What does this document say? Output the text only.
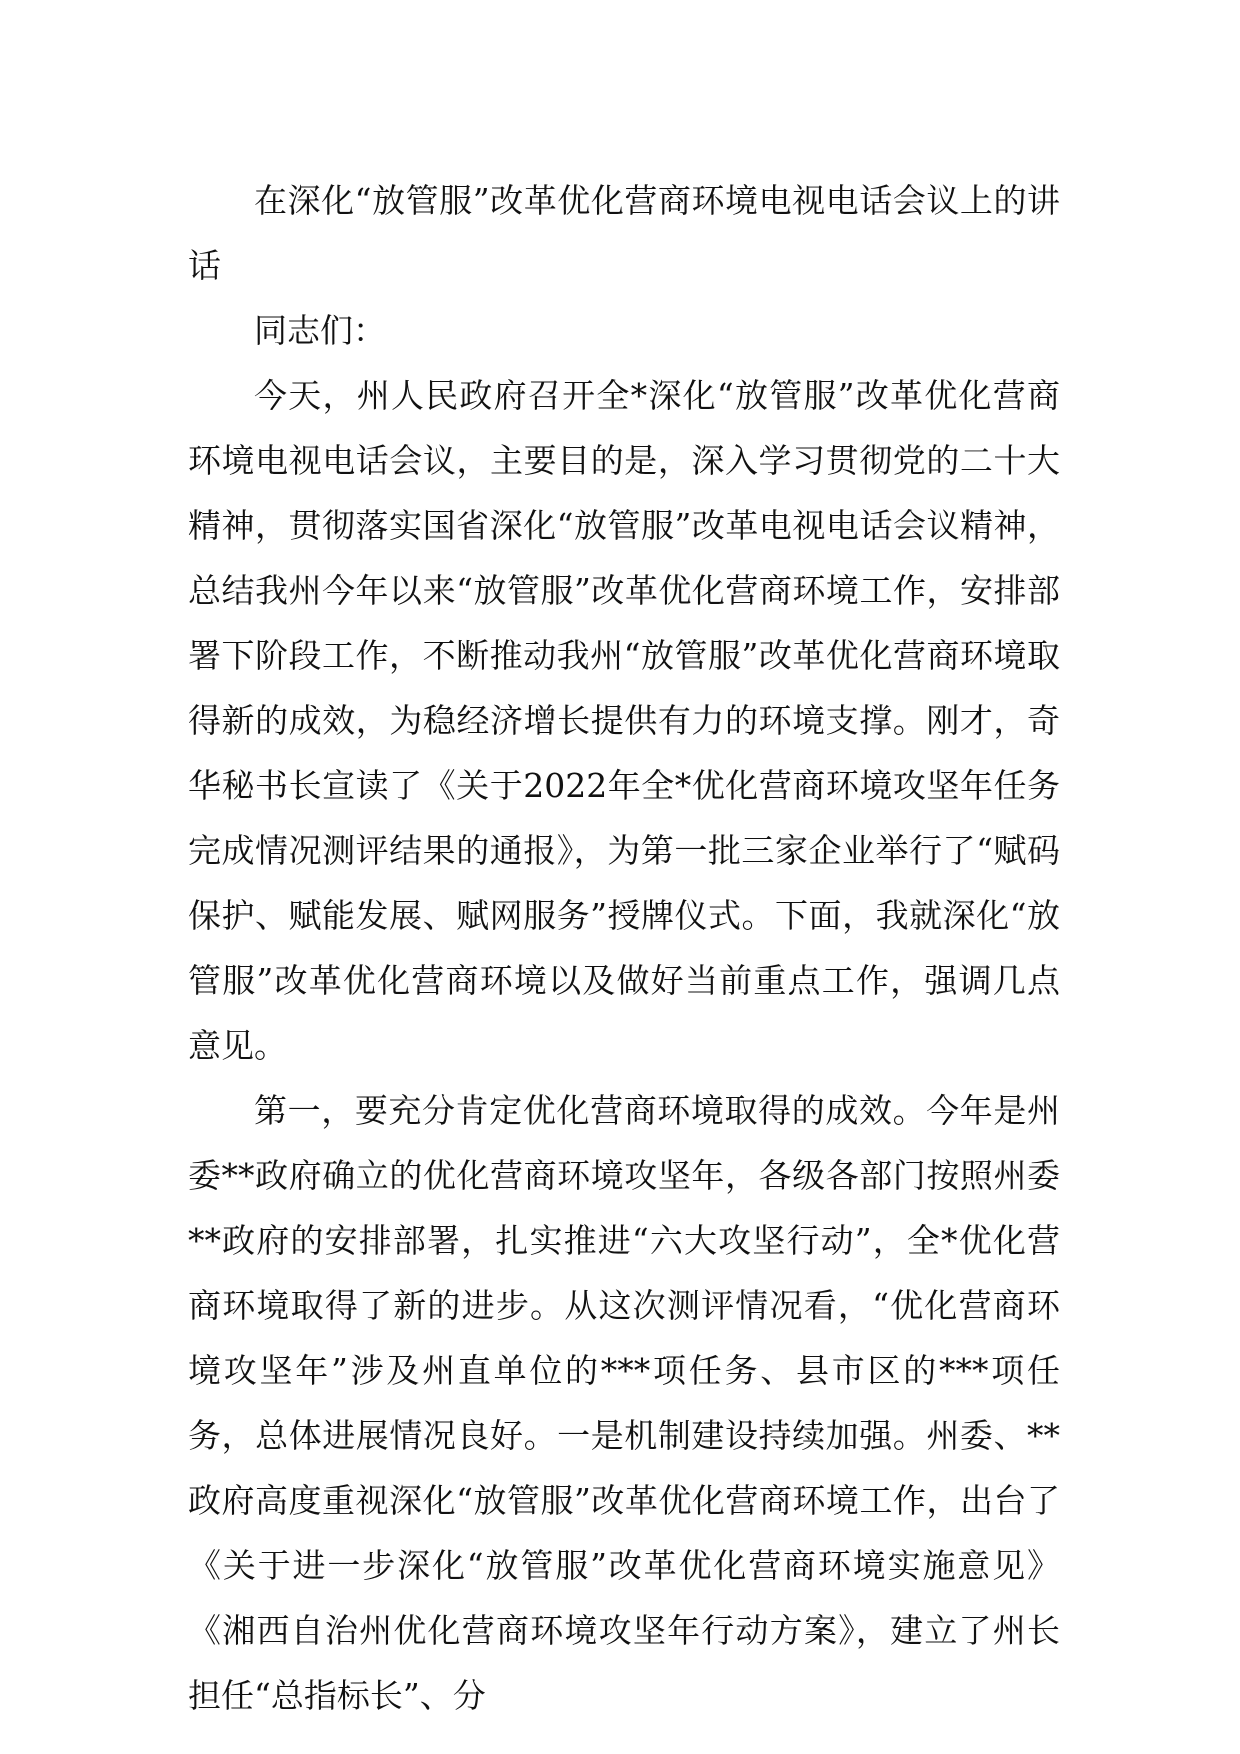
在深化“放管服”改革优化营商环境电视电话会议上的讲话

同志们：

今天，州人民政府召开全*深化“放管服”改革优化营商环境电视电话会议，主要目的是，深入学习贯彻党的二十大精神，贯彻落实国省深化“放管服”改革电视电话会议精神，总结我州今年以来“放管服”改革优化营商环境工作，安排部署下阶段工作，不断推动我州“放管服”改革优化营商环境取得新的成效，为稳经济增长提供有力的环境支撑。刚才，奇华秘书长宣读了《关于2022年全*优化营商环境攻坚年任务完成情况测评结果的通报》，为第一批三家企业举行了“赋码保护、赋能发展、赋网服务”授牌仪式。下面，我就深化“放管服”改革优化营商环境以及做好当前重点工作，强调几点意见。

第一，要充分肯定优化营商环境取得的成效。今年是州委**政府确立的优化营商环境攻坚年，各级各部门按照州委**政府的安排部署，扎实推进“六大攻坚行动”，全*优化营商环境取得了新的进步。从这次测评情况看，“优化营商环境攻坚年”涉及州直单位的***项任务、县市区的***项任务，总体进展情况良好。一是机制建设持续加强。州委、**政府高度重视深化“放管服”改革优化营商环境工作，出台了《关于进一步深化“放管服”改革优化营商环境实施意见》《湘西自治州优化营商环境攻坚年行动方案》，建立了州长担任“总指标长”、分
